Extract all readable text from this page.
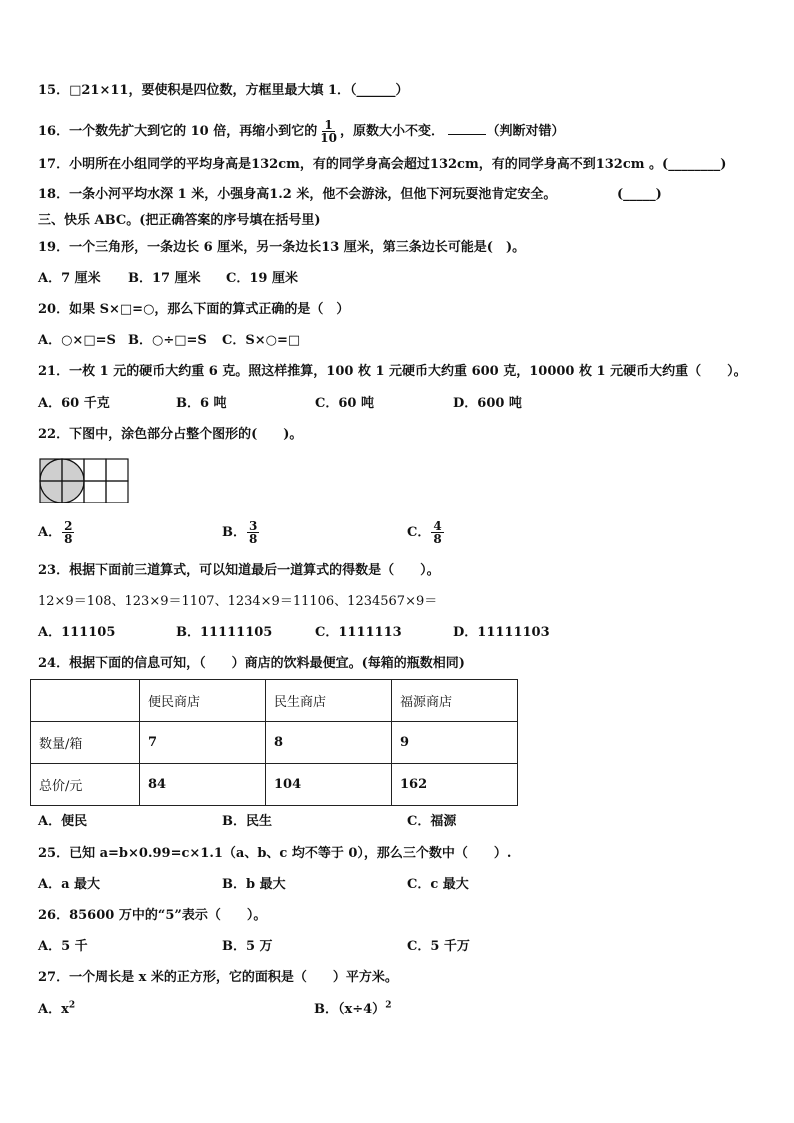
15．□21×11，要使积是四位数，方框里最大填 1．（______）
16．一个数先扩大到它的 10 倍，再缩小到它的 $\frac{1}{10}$ ，原数大小不变．	（判断对错）
17．小明所在小组同学的平均身高是132cm，有的同学身高会超过132cm，有的同学身高不到132cm 。(________)
18．一条小河平均水深 1 米，小强身高1.2 米，他不会游泳，但他下河玩耍池肯定安全。	(_____)
三、快乐 ABC。(把正确答案的序号填在括号里)
19．一个三角形，一条边长 6 厘米，另一条边长13 厘米，第三条边长可能是(　)。
A．7 厘米 B．17 厘米 C．19 厘米
20．如果 S×□=○，那么下面的算式正确的是（　）
A．○×□=S B．○÷□=S C．S×○=□
21．一枚 1 元的硬币大约重 6 克。照这样推算，100 枚 1 元硬币大约重 600 克，10000 枚 1 元硬币大约重（　　）。
A．60 千克	B．6 吨	C．60 吨	D．600 吨
22．下图中，涂色部分占整个图形的(　　)。
A． $\frac{2}{8}$	B． $\frac{3}{8}$	C． $\frac{4}{8}$
23．根据下面前三道算式，可以知道最后一道算式的得数是（　　）。
12×9＝108、123×9＝1107、1234×9＝11106、1234567×9＝
A．111105	B．11111105	C．1111113	D．11111103
24．根据下面的信息可知，（　　）商店的饮料最便宜。(每箱的瓶数相同)
	便民商店	民生商店	福源商店
数量/箱	7	8	9
总价/元	84	104	162
A．便民	B．民生	C．福源
25．已知 a=b×0.99=c×1.1（a、b、c 均不等于 0），那么三个数中（　　）.
A．a 最大	B．b 最大	C．c 最大
26．85600 万中的“5”表示（　　）。
A．5 千	B．5 万	C．5 千万
27．一个周长是 x 米的正方形，它的面积是（　　）平方米。
A．$x^2$	B．$(x\div 4)^2$
